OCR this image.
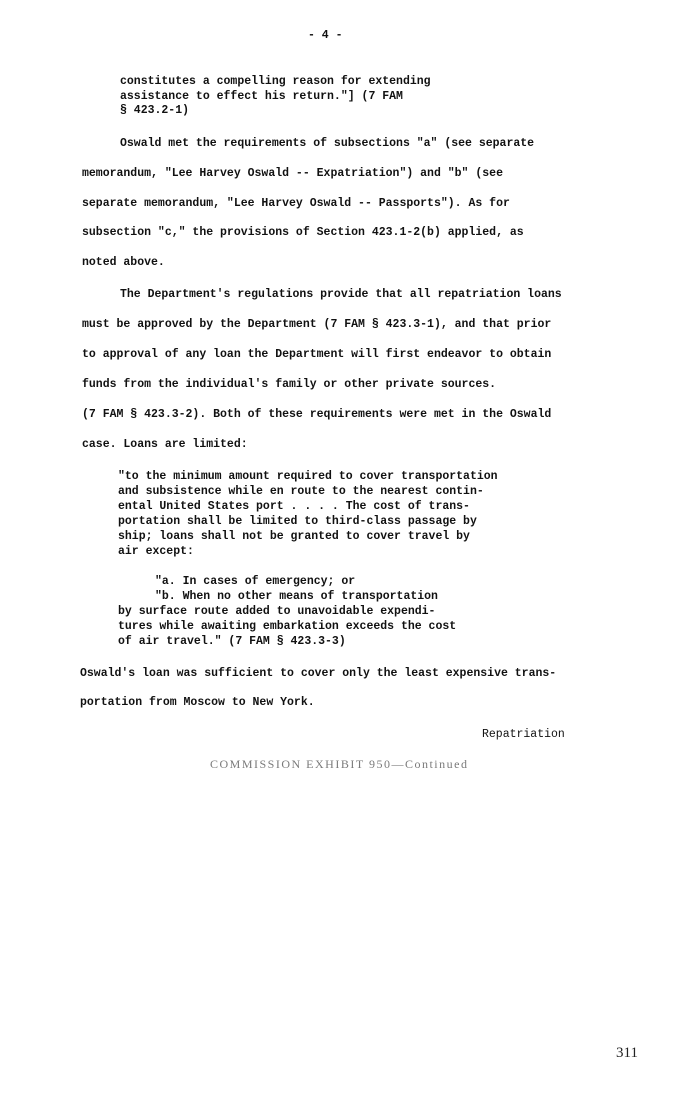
- 4 -

constitutes a compelling reason for extending

assistance to effect his return."] (7 FAM

§ 423.2-1)

Oswald met the requirements of subsections "a" (see separate

memorandum, "Lee Harvey Oswald -- Expatriation") and "b" (see

separate memorandum, "Lee Harvey Oswald -- Passports"). As for

subsection "c," the provisions of Section 423.1-2(b) applied, as

noted above.

The Department's regulations provide that all repatriation loans

must be approved by the Department (7 FAM § 423.3-1), and that prior

to approval of any loan the Department will first endeavor to obtain

funds from the individual's family or other private sources.

(7 FAM § 423.3-2). Both of these requirements were met in the Oswald

case. Loans are limited:

"to the minimum amount required to cover transportation

and subsistence while en route to the nearest contin-

ental United States port . . . . The cost of trans-

portation shall be limited to third-class passage by

ship; loans shall not be granted to cover travel by

air except:

"a. In cases of emergency; or

"b. When no other means of transportation

by surface route added to unavoidable expendi-

tures while awaiting embarkation exceeds the cost

of air travel." (7 FAM § 423.3-3)

Oswald's loan was sufficient to cover only the least expensive trans-

portation from Moscow to New York.

Repatriation

COMMISSION EXHIBIT 950—Continued

311
